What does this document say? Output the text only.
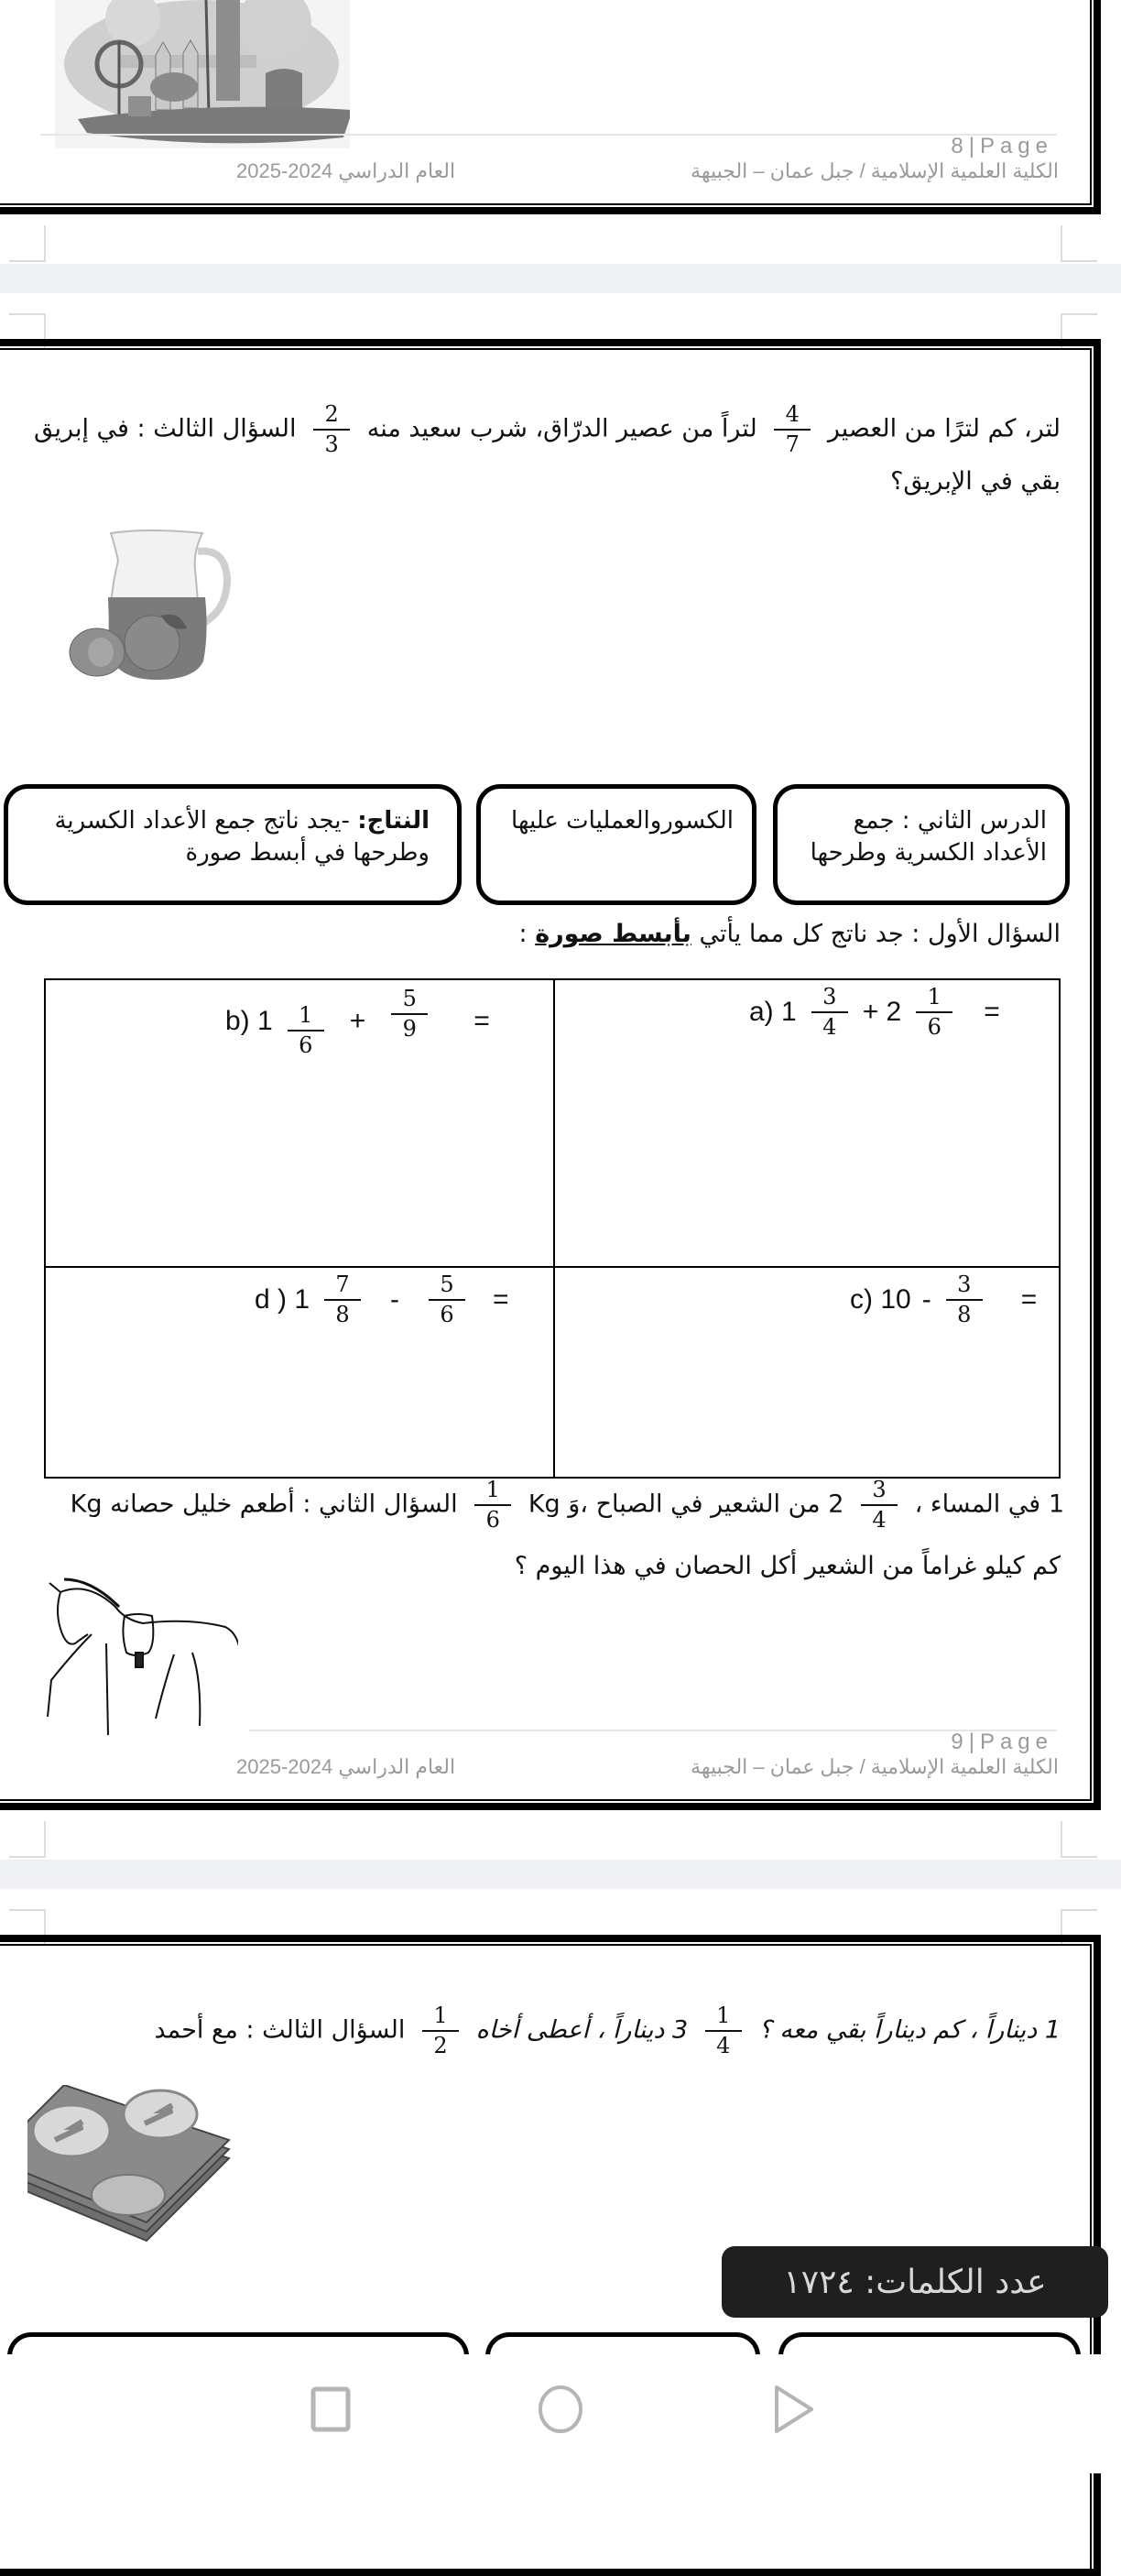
8|Page
الكلية العلمية الإسلامية / جبل عمان – الجبيهة
العام الدراسي 2024-2025
لتر، كم لترًا من العصير
$\frac{4}{7}$
لتراً من عصير الدرّاق، شرب سعيد منه
$\frac{2}{3}$
السؤال الثالث : في إبريق
بقي في الإبريق؟
الدرس الثاني : جمع الأعداد الكسرية وطرحها
الكسوروالعمليات عليها
النتاج: -يجد ناتج جمع الأعداد الكسرية وطرحها في أبسط صورة
السؤال الأول : جد ناتج كل مما يأتي بأبسط صورة :
a) $1 \frac{3}{4} + 2 \frac{1}{6}$ =
b) $1 \frac{1}{6} + \frac{5}{9}$ =
c) $10 - \frac{3}{8}$ =
d ) $1 \frac{7}{8} - \frac{5}{6}$ =
1 في المساء ،
$\frac{3}{4}$
2 من الشعير في الصباح ،وَ Kg
$\frac{1}{6}$
السؤال الثاني : أطعم خليل حصانه Kg
كم كيلو غراماً من الشعير أكل الحصان في هذا اليوم ؟
9|Page
الكلية العلمية الإسلامية / جبل عمان – الجبيهة
العام الدراسي 2024-2025
1 ديناراً ، كم ديناراً بقي معه ؟
$\frac{1}{4}$
3 ديناراً ، أعطى أخاه
$\frac{1}{2}$
السؤال الثالث : مع أحمد
عدد الكلمات: ١٧٢٤
